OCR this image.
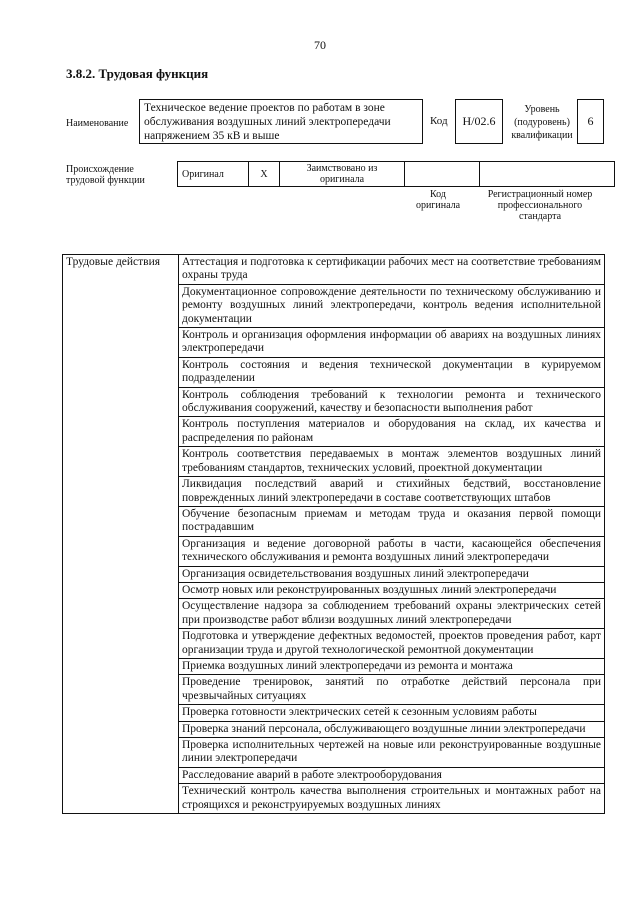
70
3.8.2. Трудовая функция
Наименование
Техническое ведение проектов по работам в зоне обслуживания воздушных линий электропередачи напряжением 35 кВ и выше
Код	Н/02.6
Уровень (подуровень) квалификации
6
Происхождение трудовой функции
Оригинал	X	Заимствовано из оригинала		
Код оригинала
Регистрационный номер профессионального стандарта
Трудовые действия	Аттестация и подготовка к сертификации рабочих мест на соответствие требованиям охраны труда
Документационное сопровождение деятельности по техническому обслуживанию и ремонту воздушных линий электропередачи, контроль ведения исполнительной документации
Контроль и организация оформления информации об авариях на воздушных линиях электропередачи
Контроль состояния и ведения технической документации в курируемом подразделении
Контроль соблюдения требований к технологии ремонта и технического обслуживания сооружений, качеству и безопасности выполнения работ
Контроль поступления материалов и оборудования на склад, их качества и распределения по районам
Контроль соответствия передаваемых в монтаж элементов воздушных линий требованиям стандартов, технических условий, проектной документации
Ликвидация последствий аварий и стихийных бедствий, восстановление поврежденных линий электропередачи в составе соответствующих штабов
Обучение безопасным приемам и методам труда и оказания первой помощи пострадавшим
Организация и ведение договорной работы в части, касающейся обеспечения технического обслуживания и ремонта воздушных линий электропередачи
Организация освидетельствования воздушных линий электропередачи
Осмотр новых или реконструированных воздушных линий электропередачи
Осуществление надзора за соблюдением требований охраны электрических сетей при производстве работ вблизи воздушных линий электропередачи
Подготовка и утверждение дефектных ведомостей, проектов проведения работ, карт организации труда и другой технологической ремонтной документации
Приемка воздушных линий электропередачи из ремонта и монтажа
Проведение тренировок, занятий по отработке действий персонала при чрезвычайных ситуациях
Проверка готовности электрических сетей к сезонным условиям работы
Проверка знаний персонала, обслуживающего воздушные линии электропередачи
Проверка исполнительных чертежей на новые или реконструированные воздушные линии электропередачи
Расследование аварий в работе электрооборудования
Технический контроль качества выполнения строительных и монтажных работ на строящихся и реконструируемых воздушных линиях
